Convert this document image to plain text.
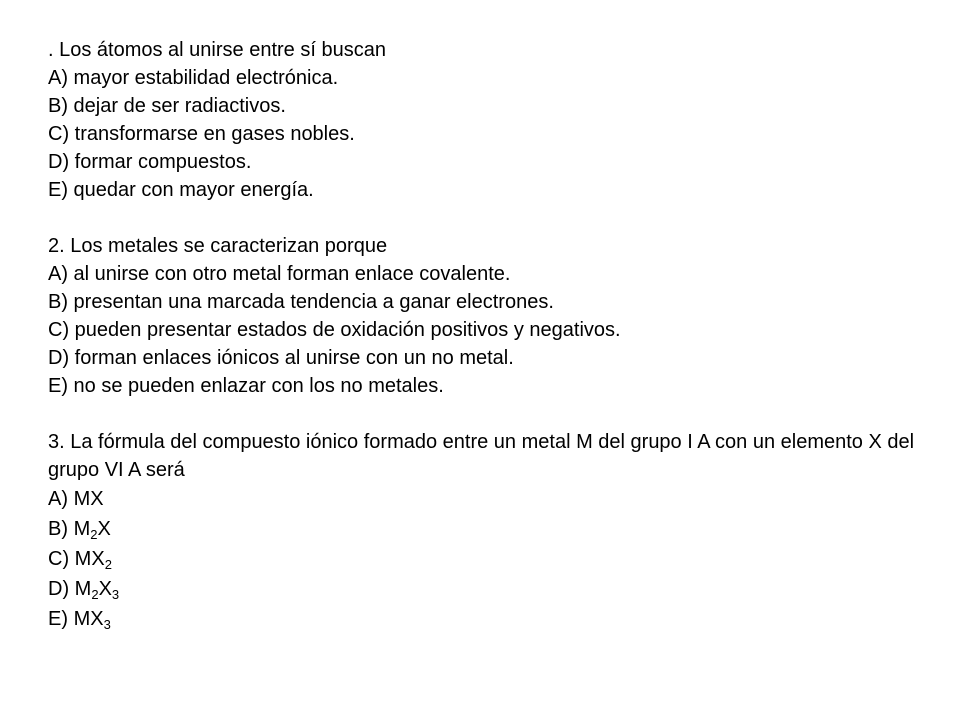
. Los átomos al unirse entre sí buscan
A) mayor estabilidad electrónica.
B) dejar de ser radiactivos.
C) transformarse en gases nobles.
D) formar compuestos.
E) quedar con mayor energía.
2. Los metales se caracterizan porque
A) al unirse con otro metal forman enlace covalente.
B) presentan una marcada tendencia a ganar electrones.
C) pueden presentar estados de oxidación positivos y negativos.
D) forman enlaces iónicos al unirse con un no metal.
E) no se pueden enlazar con los no metales.
3. La fórmula del compuesto iónico formado entre un metal M del grupo I A con un elemento X del grupo VI A será
A) MX
B) $M_2X$
C) $MX_2$
D) $M_2X_3$
E) $MX_3$
